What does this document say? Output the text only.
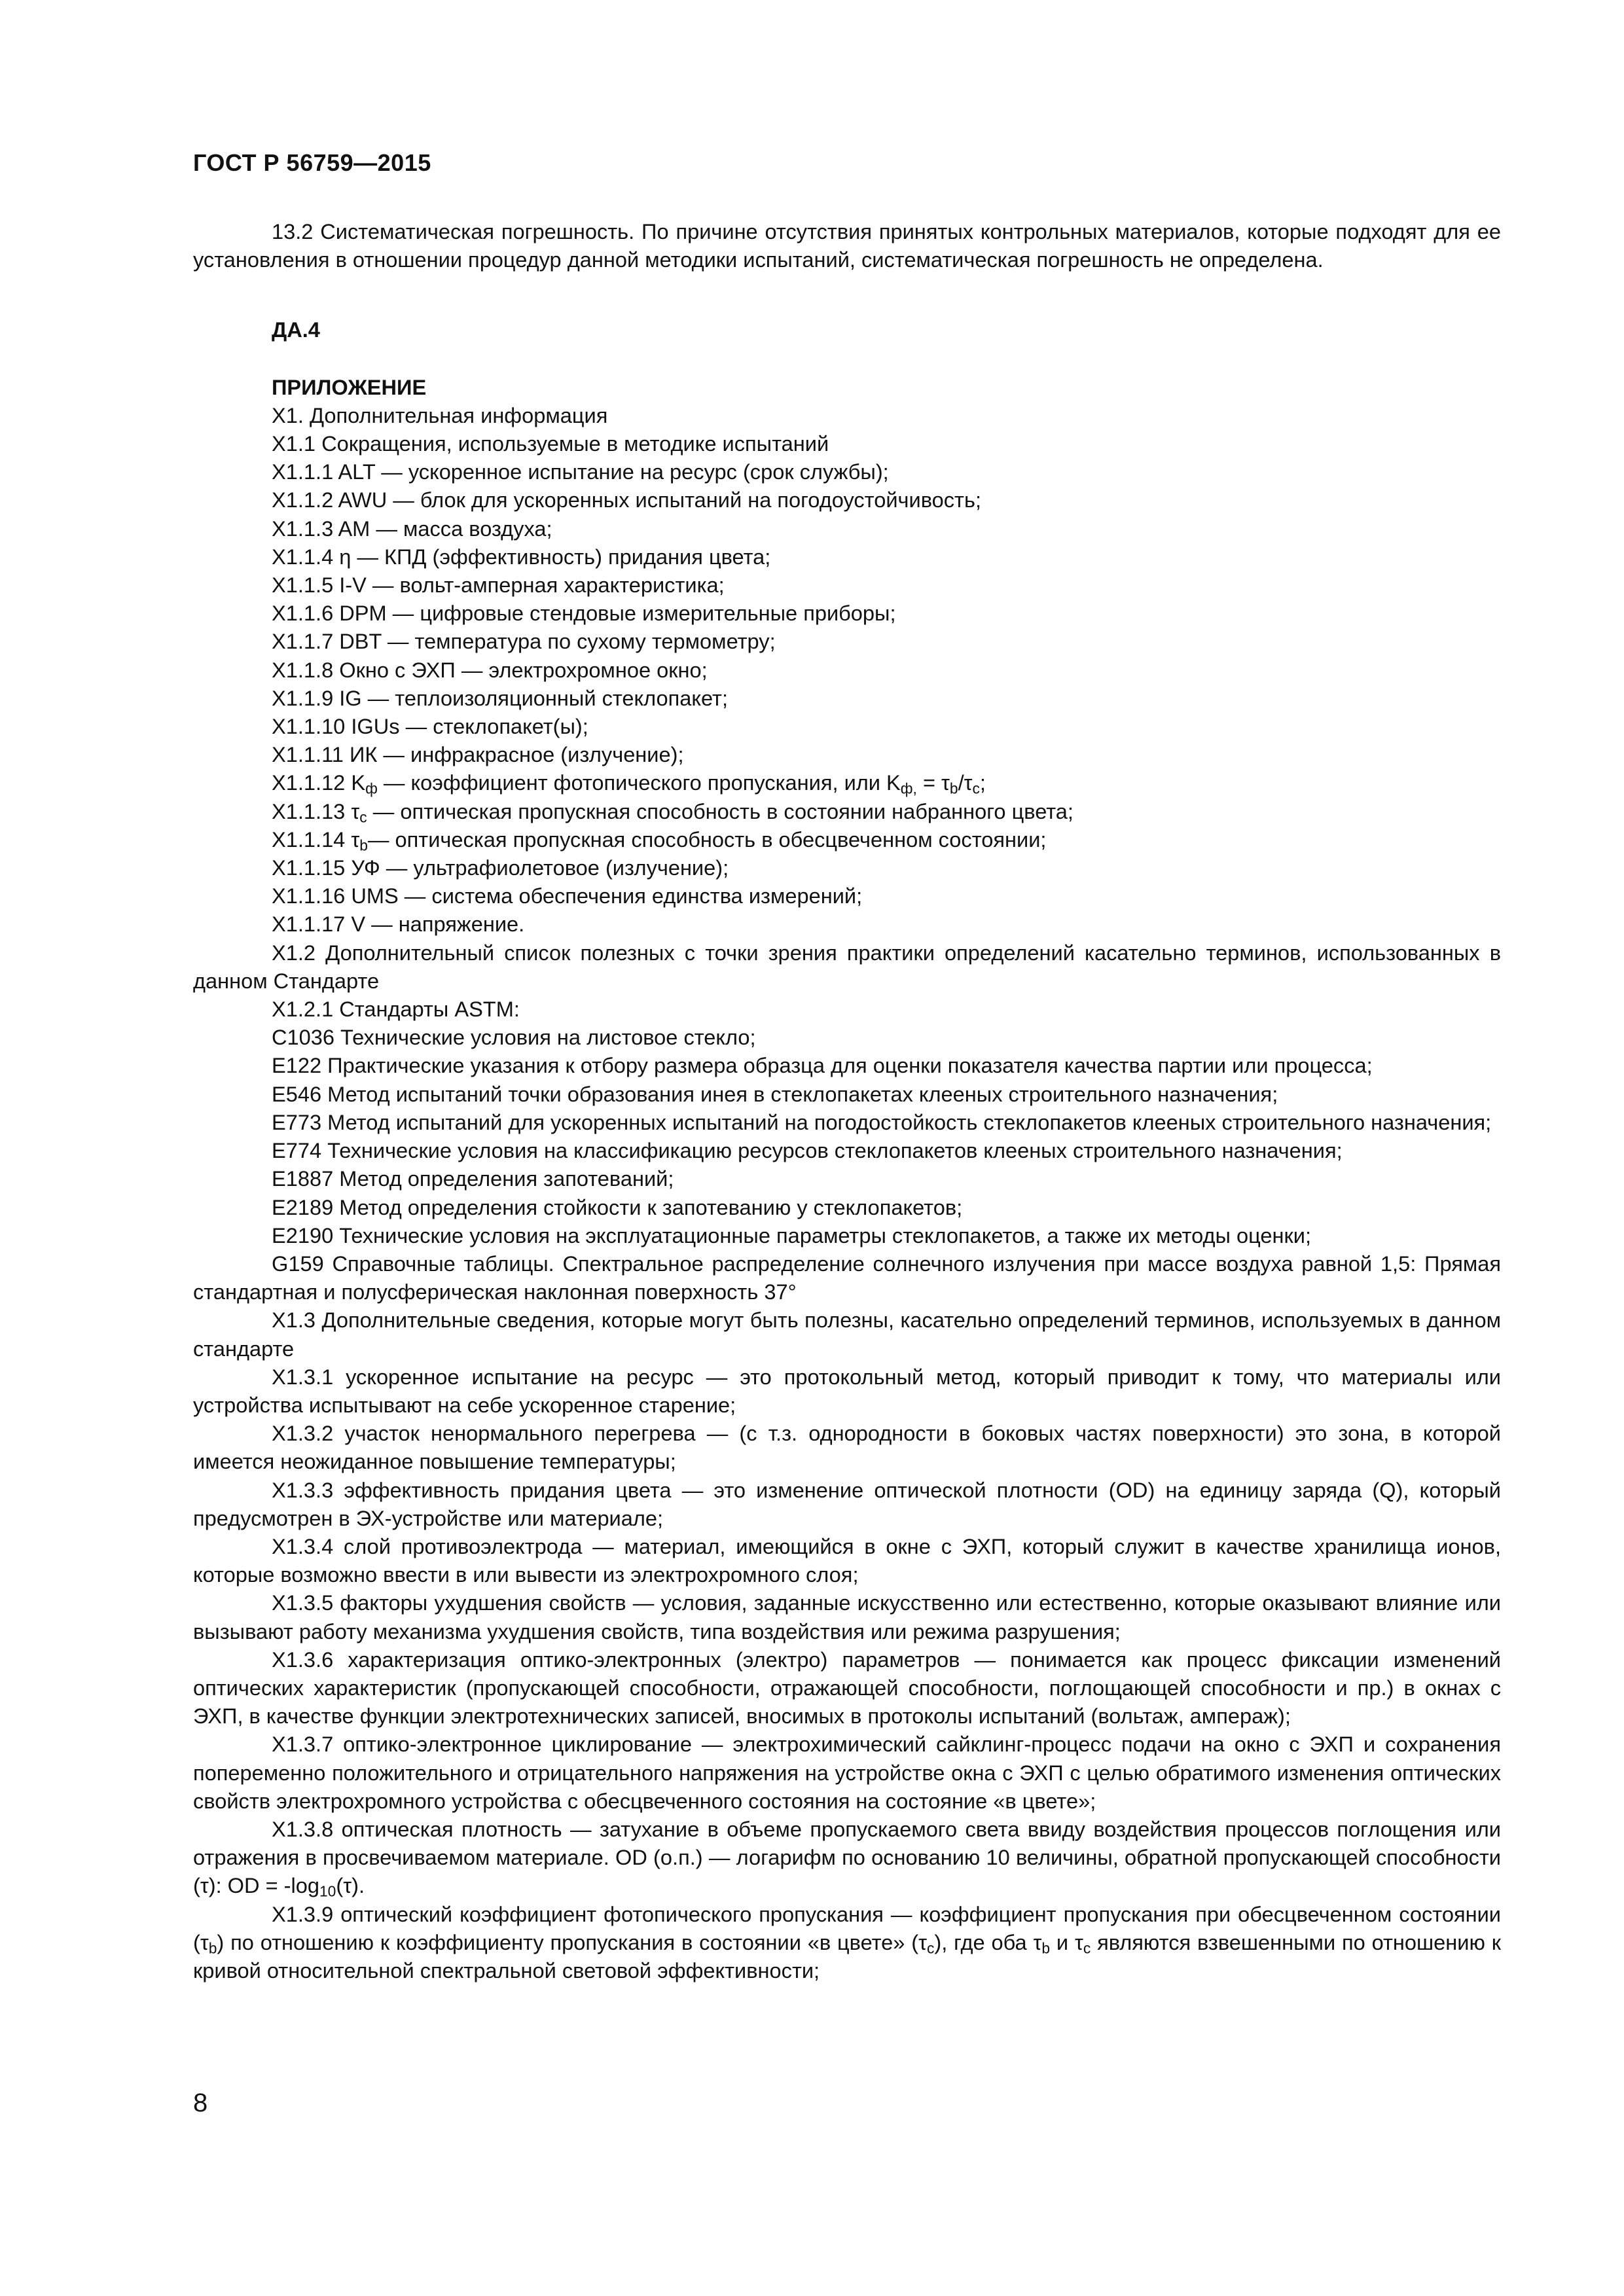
ГОСТ Р 56759—2015

13.2 Систематическая погрешность. По причине отсутствия принятых контрольных материалов, которые подходят для ее установления в отношении процедур данной методики испытаний, систематическая погрешность не определена.

ДА.4

ПРИЛОЖЕНИЕ

X1. Дополнительная информация

X1.1 Сокращения, используемые в методике испытаний

X1.1.1 ALT — ускоренное испытание на ресурс (срок службы);

X1.1.2 AWU — блок для ускоренных испытаний на погодоустойчивость;

X1.1.3 AM — масса воздуха;

X1.1.4 η — КПД (эффективность) придания цвета;

X1.1.5 I-V — вольт-амперная характеристика;

X1.1.6 DPM — цифровые стендовые измерительные приборы;

X1.1.7 DBT — температура по сухому термометру;

X1.1.8 Окно с ЭХП — электрохромное окно;

X1.1.9 IG — теплоизоляционный стеклопакет;

X1.1.10 IGUs — стеклопакет(ы);

X1.1.11 ИК — инфракрасное (излучение);

X1.1.12 $K_ф$ — коэффициент фотопического пропускания, или $K_{ф,} = \tau_b/\tau_c$;

X1.1.13 $\tau_c$ — оптическая пропускная способность в состоянии набранного цвета;

X1.1.14 $\tau_b—$ оптическая пропускная способность в обесцвеченном состоянии;

X1.1.15 УФ — ультрафиолетовое (излучение);

X1.1.16 UMS — система обеспечения единства измерений;

X1.1.17 V — напряжение.

X1.2 Дополнительный список полезных с точки зрения практики определений касательно терминов, использованных в данном Стандарте

X1.2.1 Стандарты ASTM:

C1036 Технические условия на листовое стекло;

E122 Практические указания к отбору размера образца для оценки показателя качества партии или процесса;

E546 Метод испытаний точки образования инея в стеклопакетах клееных строительного назначения;

E773 Метод испытаний для ускоренных испытаний на погодостойкость стеклопакетов клееных строительного назначения;

E774 Технические условия на классификацию ресурсов стеклопакетов клееных строительного назначения;

E1887 Метод определения запотеваний;

E2189 Метод определения стойкости к запотеванию у стеклопакетов;

E2190 Технические условия на эксплуатационные параметры стеклопакетов, а также их методы оценки;

G159 Справочные таблицы. Спектральное распределение солнечного излучения при массе воздуха равной 1,5: Прямая стандартная и полусферическая наклонная поверхность 37°

X1.3 Дополнительные сведения, которые могут быть полезны, касательно определений терминов, используемых в данном стандарте

X1.3.1 ускоренное испытание на ресурс — это протокольный метод, который приводит к тому, что материалы или устройства испытывают на себе ускоренное старение;

X1.3.2 участок ненормального перегрева — (с т.з. однородности в боковых частях поверхности) это зона, в которой имеется неожиданное повышение температуры;

X1.3.3 эффективность придания цвета — это изменение оптической плотности (OD) на единицу заряда (Q), который предусмотрен в ЭХ-устройстве или материале;

X1.3.4 слой противоэлектрода — материал, имеющийся в окне с ЭХП, который служит в качестве хранилища ионов, которые возможно ввести в или вывести из электрохромного слоя;

X1.3.5 факторы ухудшения свойств — условия, заданные искусственно или естественно, которые оказывают влияние или вызывают работу механизма ухудшения свойств, типа воздействия или режима разрушения;

X1.3.6 характеризация оптико-электронных (электро) параметров — понимается как процесс фиксации изменений оптических характеристик (пропускающей способности, отражающей способности, поглощающей способности и пр.) в окнах с ЭХП, в качестве функции электротехнических записей, вносимых в протоколы испытаний (вольтаж, ампераж);

X1.3.7 оптико-электронное циклирование — электрохимический сайклинг-процесс подачи на окно с ЭХП и сохранения попеременно положительного и отрицательного напряжения на устройстве окна с ЭХП с целью обратимого изменения оптических свойств электрохромного устройства с обесцвеченного состояния на состояние «в цвете»;

X1.3.8 оптическая плотность — затухание в объеме пропускаемого света ввиду воздействия процессов поглощения или отражения в просвечиваемом материале. OD (о.п.) — логарифм по основанию 10 величины, обратной пропускающей способности (τ): OD = $-\log_{10}(\tau)$.

X1.3.9 оптический коэффициент фотопического пропускания — коэффициент пропускания при обесцвеченном состоянии $(\tau_b)$ по отношению к коэффициенту пропускания в состоянии «в цвете» $(\tau_c)$, где оба $\tau_b$ и $\tau_c$ являются взвешенными по отношению к кривой относительной спектральной световой эффективности;

8
